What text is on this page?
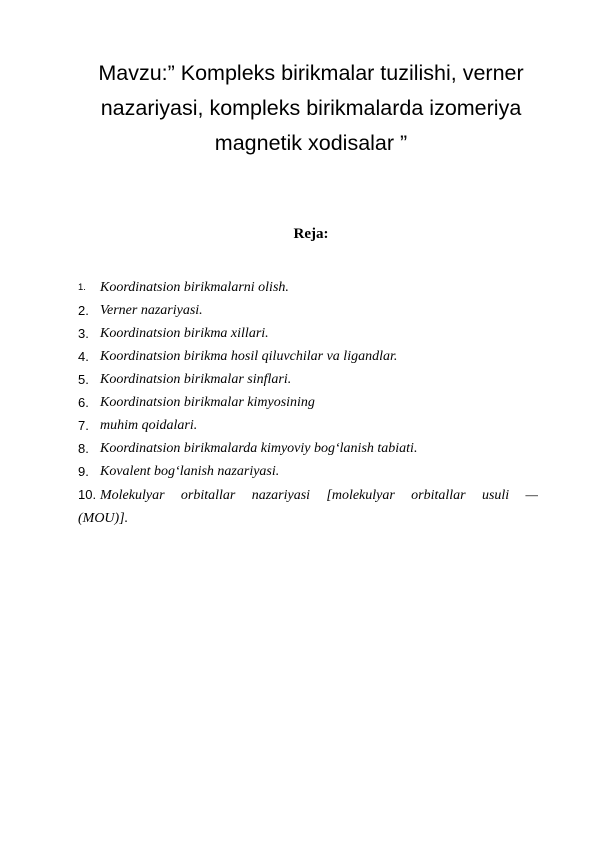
Mavzu:” Kompleks birikmalar tuzilishi, verner
nazariyasi, kompleks birikmalarda izomeriya
magnetik xodisalar ”
Reja:
1. Koordinatsion birikmalarni olish.
2. Verner nazariyasi.
3. Koordinatsion birikma xillari.
4. Koordinatsion birikma hosil qiluvchilar va ligandlar.
5. Koordinatsion birikmalar sinflari.
6. Koordinatsion birikmalar kimyosining
7. muhim qoidalari.
8. Koordinatsion birikmalarda kimyoviy bog‘lanish tabiati.
9. Kovalent bog‘lanish nazariyasi.
10. Molekulyar orbitallar nazariyasi [molekulyar orbitallar usuli —
(MOU)].
